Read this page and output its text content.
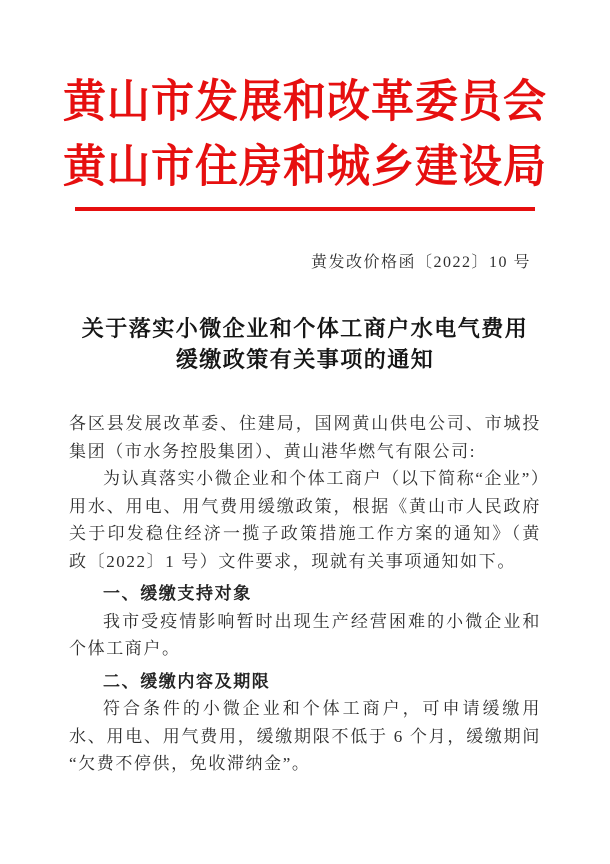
黄山市发展和改革委员会
黄山市住房和城乡建设局
黄发改价格函〔2022〕10 号
关于落实小微企业和个体工商户水电气费用
缓缴政策有关事项的通知

各区县发展改革委、住建局，国网黄山供电公司、市城投集团（市水务控股集团）、黄山港华燃气有限公司:

为认真落实小微企业和个体工商户（以下简称“企业”）用水、用电、用气费用缓缴政策，根据《黄山市人民政府关于印发稳住经济一揽子政策措施工作方案的通知》（黄政〔2022〕1 号）文件要求，现就有关事项通知如下。

一、缓缴支持对象

我市受疫情影响暂时出现生产经营困难的小微企业和个体工商户。

二、缓缴内容及期限

符合条件的小微企业和个体工商户，可申请缓缴用水、用电、用气费用，缓缴期限不低于 6 个月，缓缴期间“欠费不停供，免收滞纳金”。
